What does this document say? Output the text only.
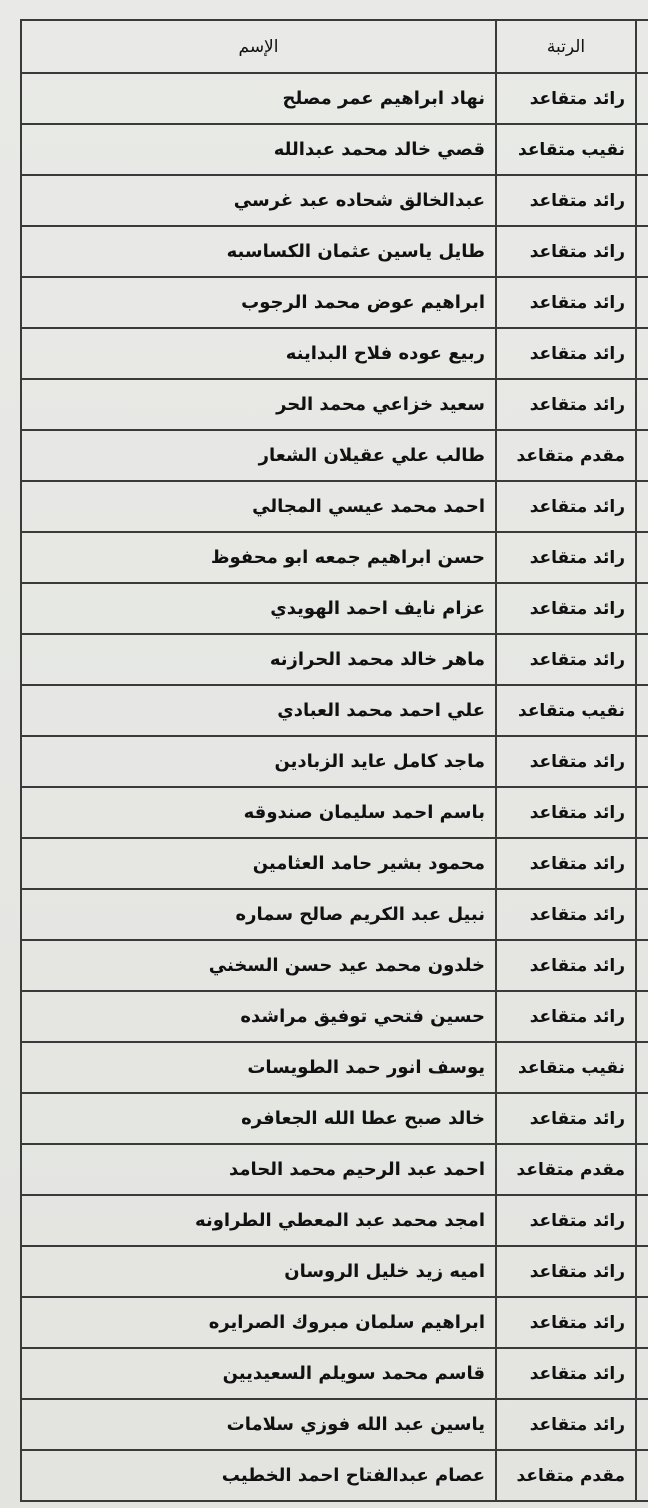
	الرتبة	الإسم
	رائد متقاعد	نهاد ابراهيم عمر مصلح
	نقيب متقاعد	قصي خالد محمد عبدالله
	رائد متقاعد	عبدالخالق شحاده عبد غرسي
	رائد متقاعد	طايل ياسين عثمان الكساسبه
	رائد متقاعد	ابراهيم عوض محمد الرجوب
	رائد متقاعد	ربيع عوده فلاح البداينه
	رائد متقاعد	سعيد خزاعي محمد الحر
	مقدم متقاعد	طالب علي عقيلان الشعار
	رائد متقاعد	احمد محمد عيسي المجالي
	رائد متقاعد	حسن ابراهيم جمعه ابو محفوظ
	رائد متقاعد	عزام نايف احمد الهويدي
	رائد متقاعد	ماهر خالد محمد الحرازنه
	نقيب متقاعد	علي احمد محمد العبادي
	رائد متقاعد	ماجد كامل عايد الزبادين
	رائد متقاعد	باسم احمد سليمان صندوقه
	رائد متقاعد	محمود بشير حامد العثامين
	رائد متقاعد	نبيل عبد الكريم صالح سماره
	رائد متقاعد	خلدون محمد عيد حسن السخني
	رائد متقاعد	حسين فتحي توفيق مراشده
	نقيب متقاعد	يوسف انور حمد الطويسات
	رائد متقاعد	خالد صبح عطا الله الجعافره
	مقدم متقاعد	احمد عبد الرحيم محمد الحامد
	رائد متقاعد	امجد محمد عبد المعطي الطراونه
	رائد متقاعد	اميه زيد خليل الروسان
	رائد متقاعد	ابراهيم سلمان مبروك الصرايره
	رائد متقاعد	قاسم محمد سويلم السعيديين
	رائد متقاعد	ياسين عبد الله فوزي سلامات
	مقدم متقاعد	عصام عبدالفتاح احمد الخطيب
